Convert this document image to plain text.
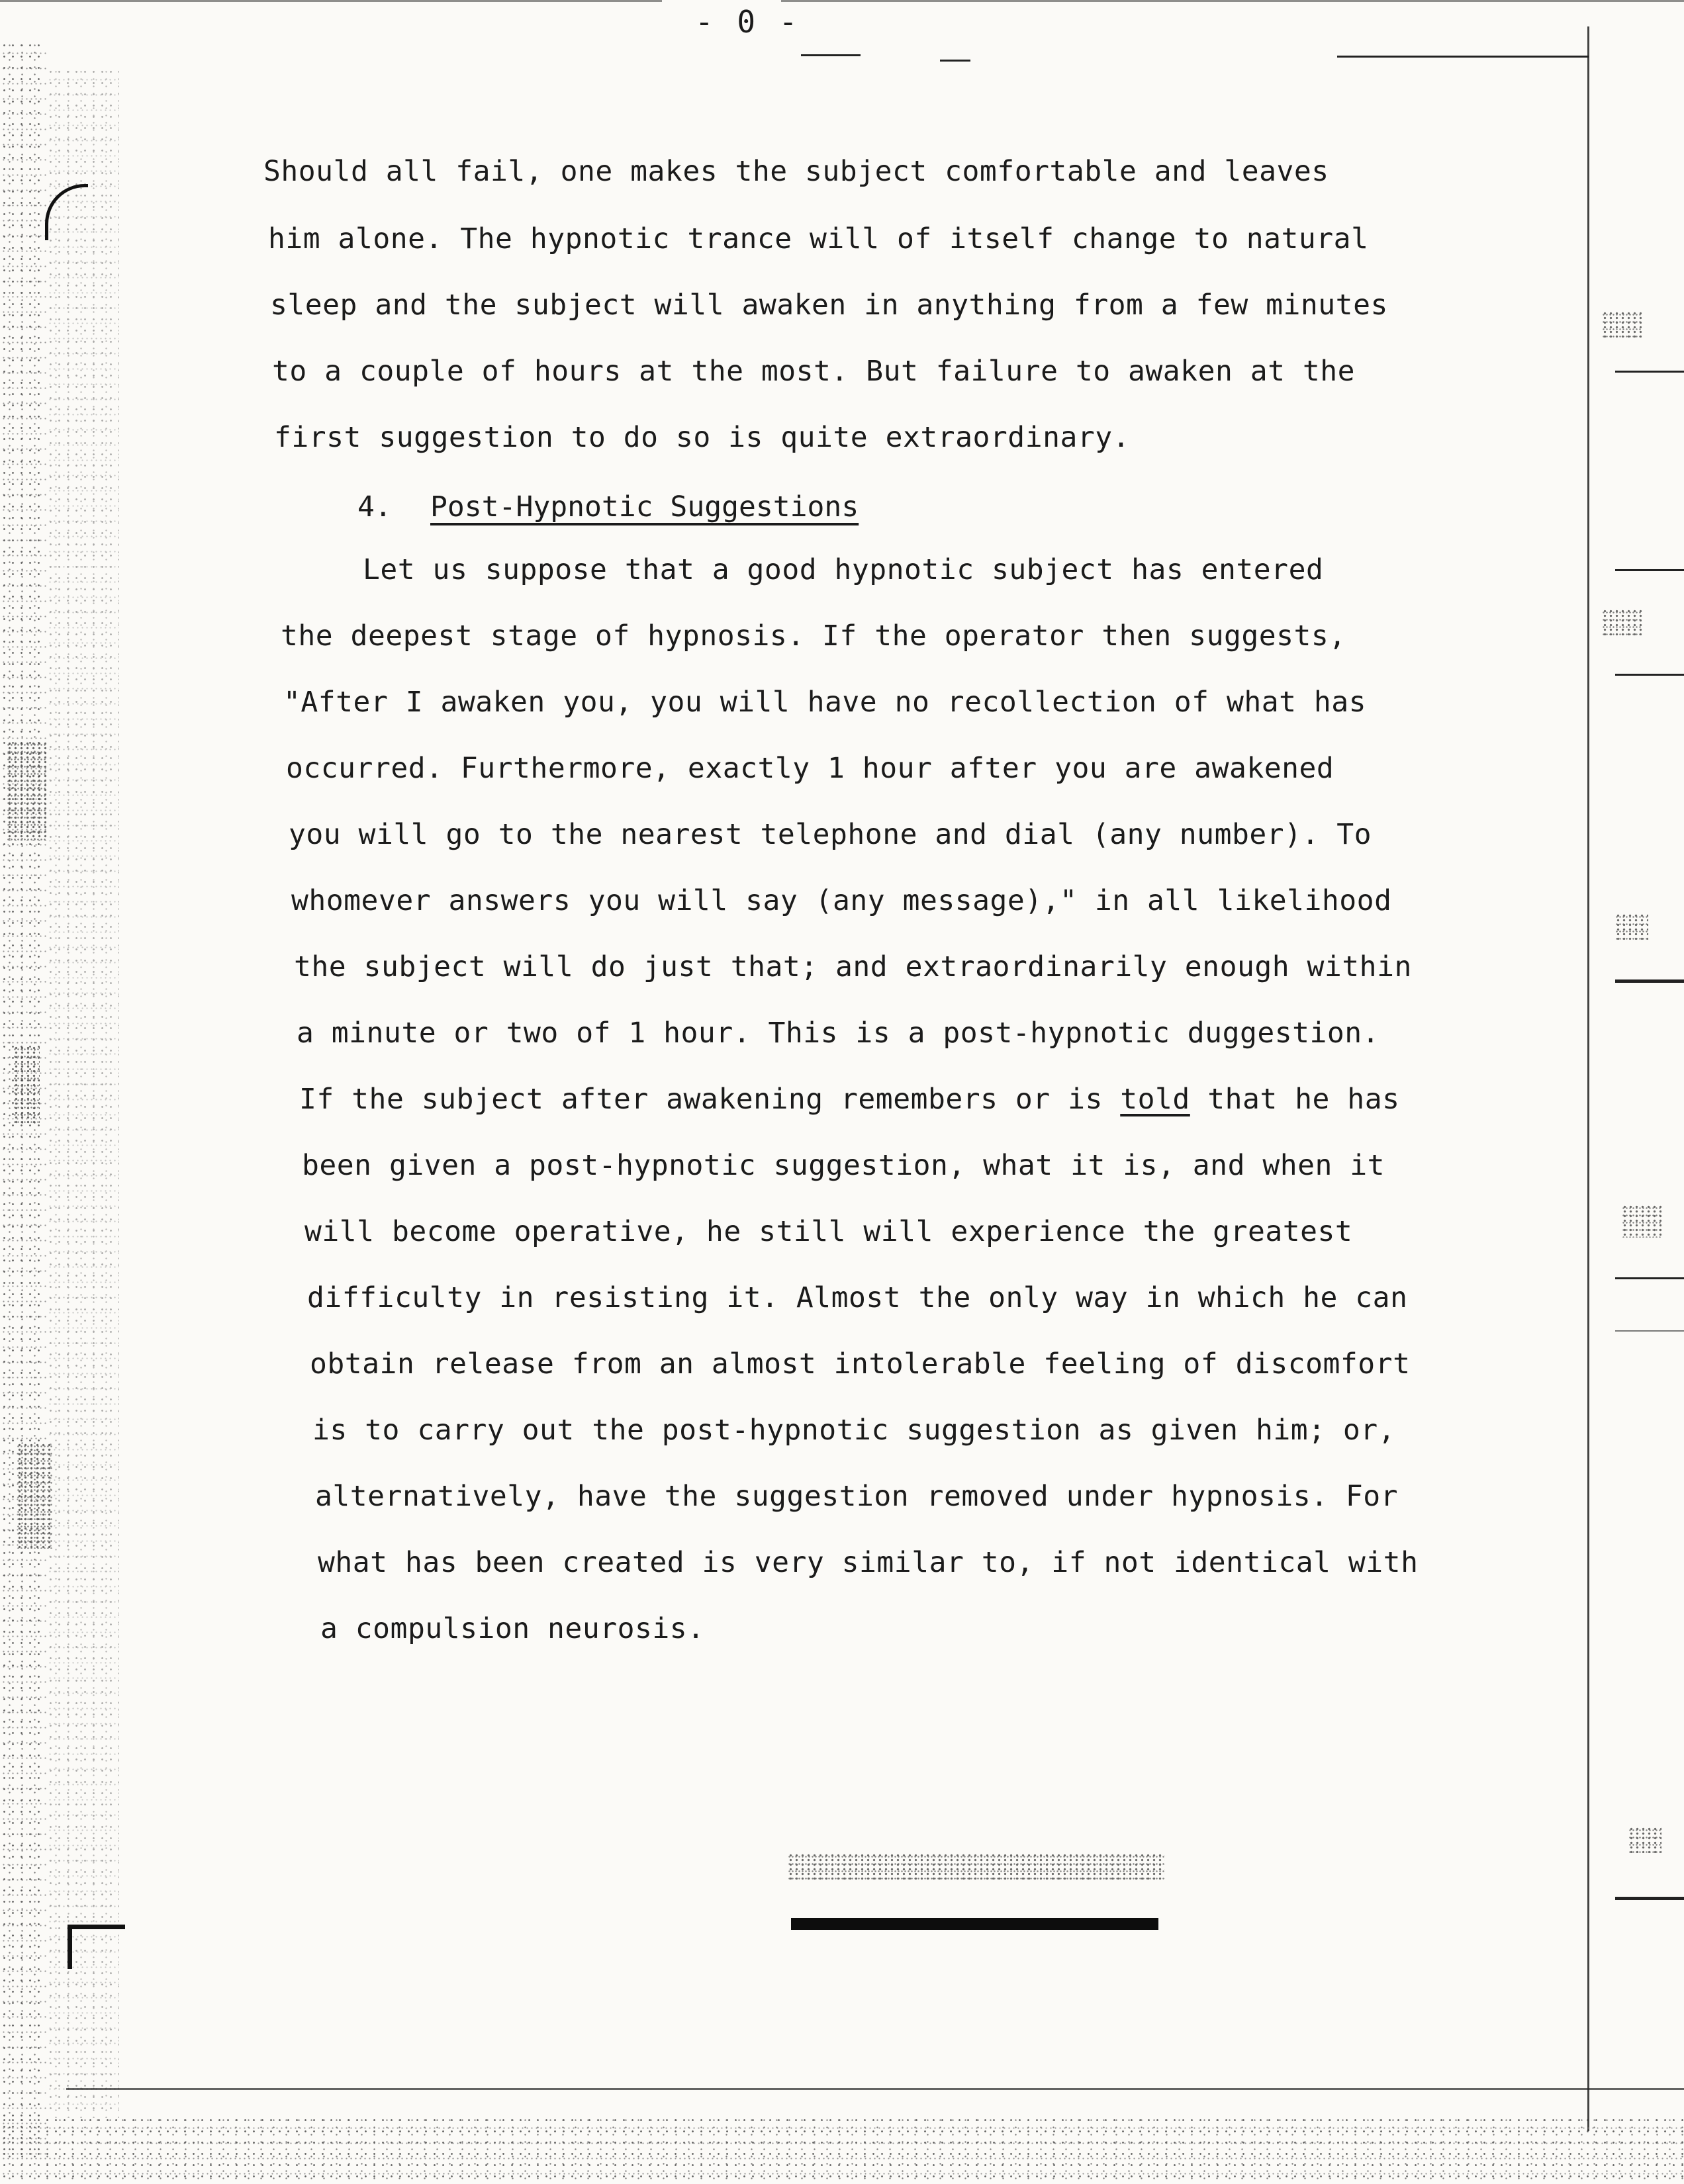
- 0 -
Should all fail, one makes the subject comfortable and leaves
him alone. The hypnotic trance will of itself change to natural
sleep and the subject will awaken in anything from a few minutes
to a couple of hours at the most. But failure to awaken at the
first suggestion to do so is quite extraordinary.
4. Post-Hypnotic Suggestions
Let us suppose that a good hypnotic subject has entered
the deepest stage of hypnosis. If the operator then suggests,
"After I awaken you, you will have no recollection of what has
occurred. Furthermore, exactly 1 hour after you are awakened
you will go to the nearest telephone and dial (any number). To
whomever answers you will say (any message)," in all likelihood
the subject will do just that; and extraordinarily enough within
a minute or two of 1 hour. This is a post-hypnotic duggestion.
If the subject after awakening remembers or is told that he has
been given a post-hypnotic suggestion, what it is, and when it
will become operative, he still will experience the greatest
difficulty in resisting it. Almost the only way in which he can
obtain release from an almost intolerable feeling of discomfort
is to carry out the post-hypnotic suggestion as given him; or,
alternatively, have the suggestion removed under hypnosis. For
what has been created is very similar to, if not identical with
a compulsion neurosis.
